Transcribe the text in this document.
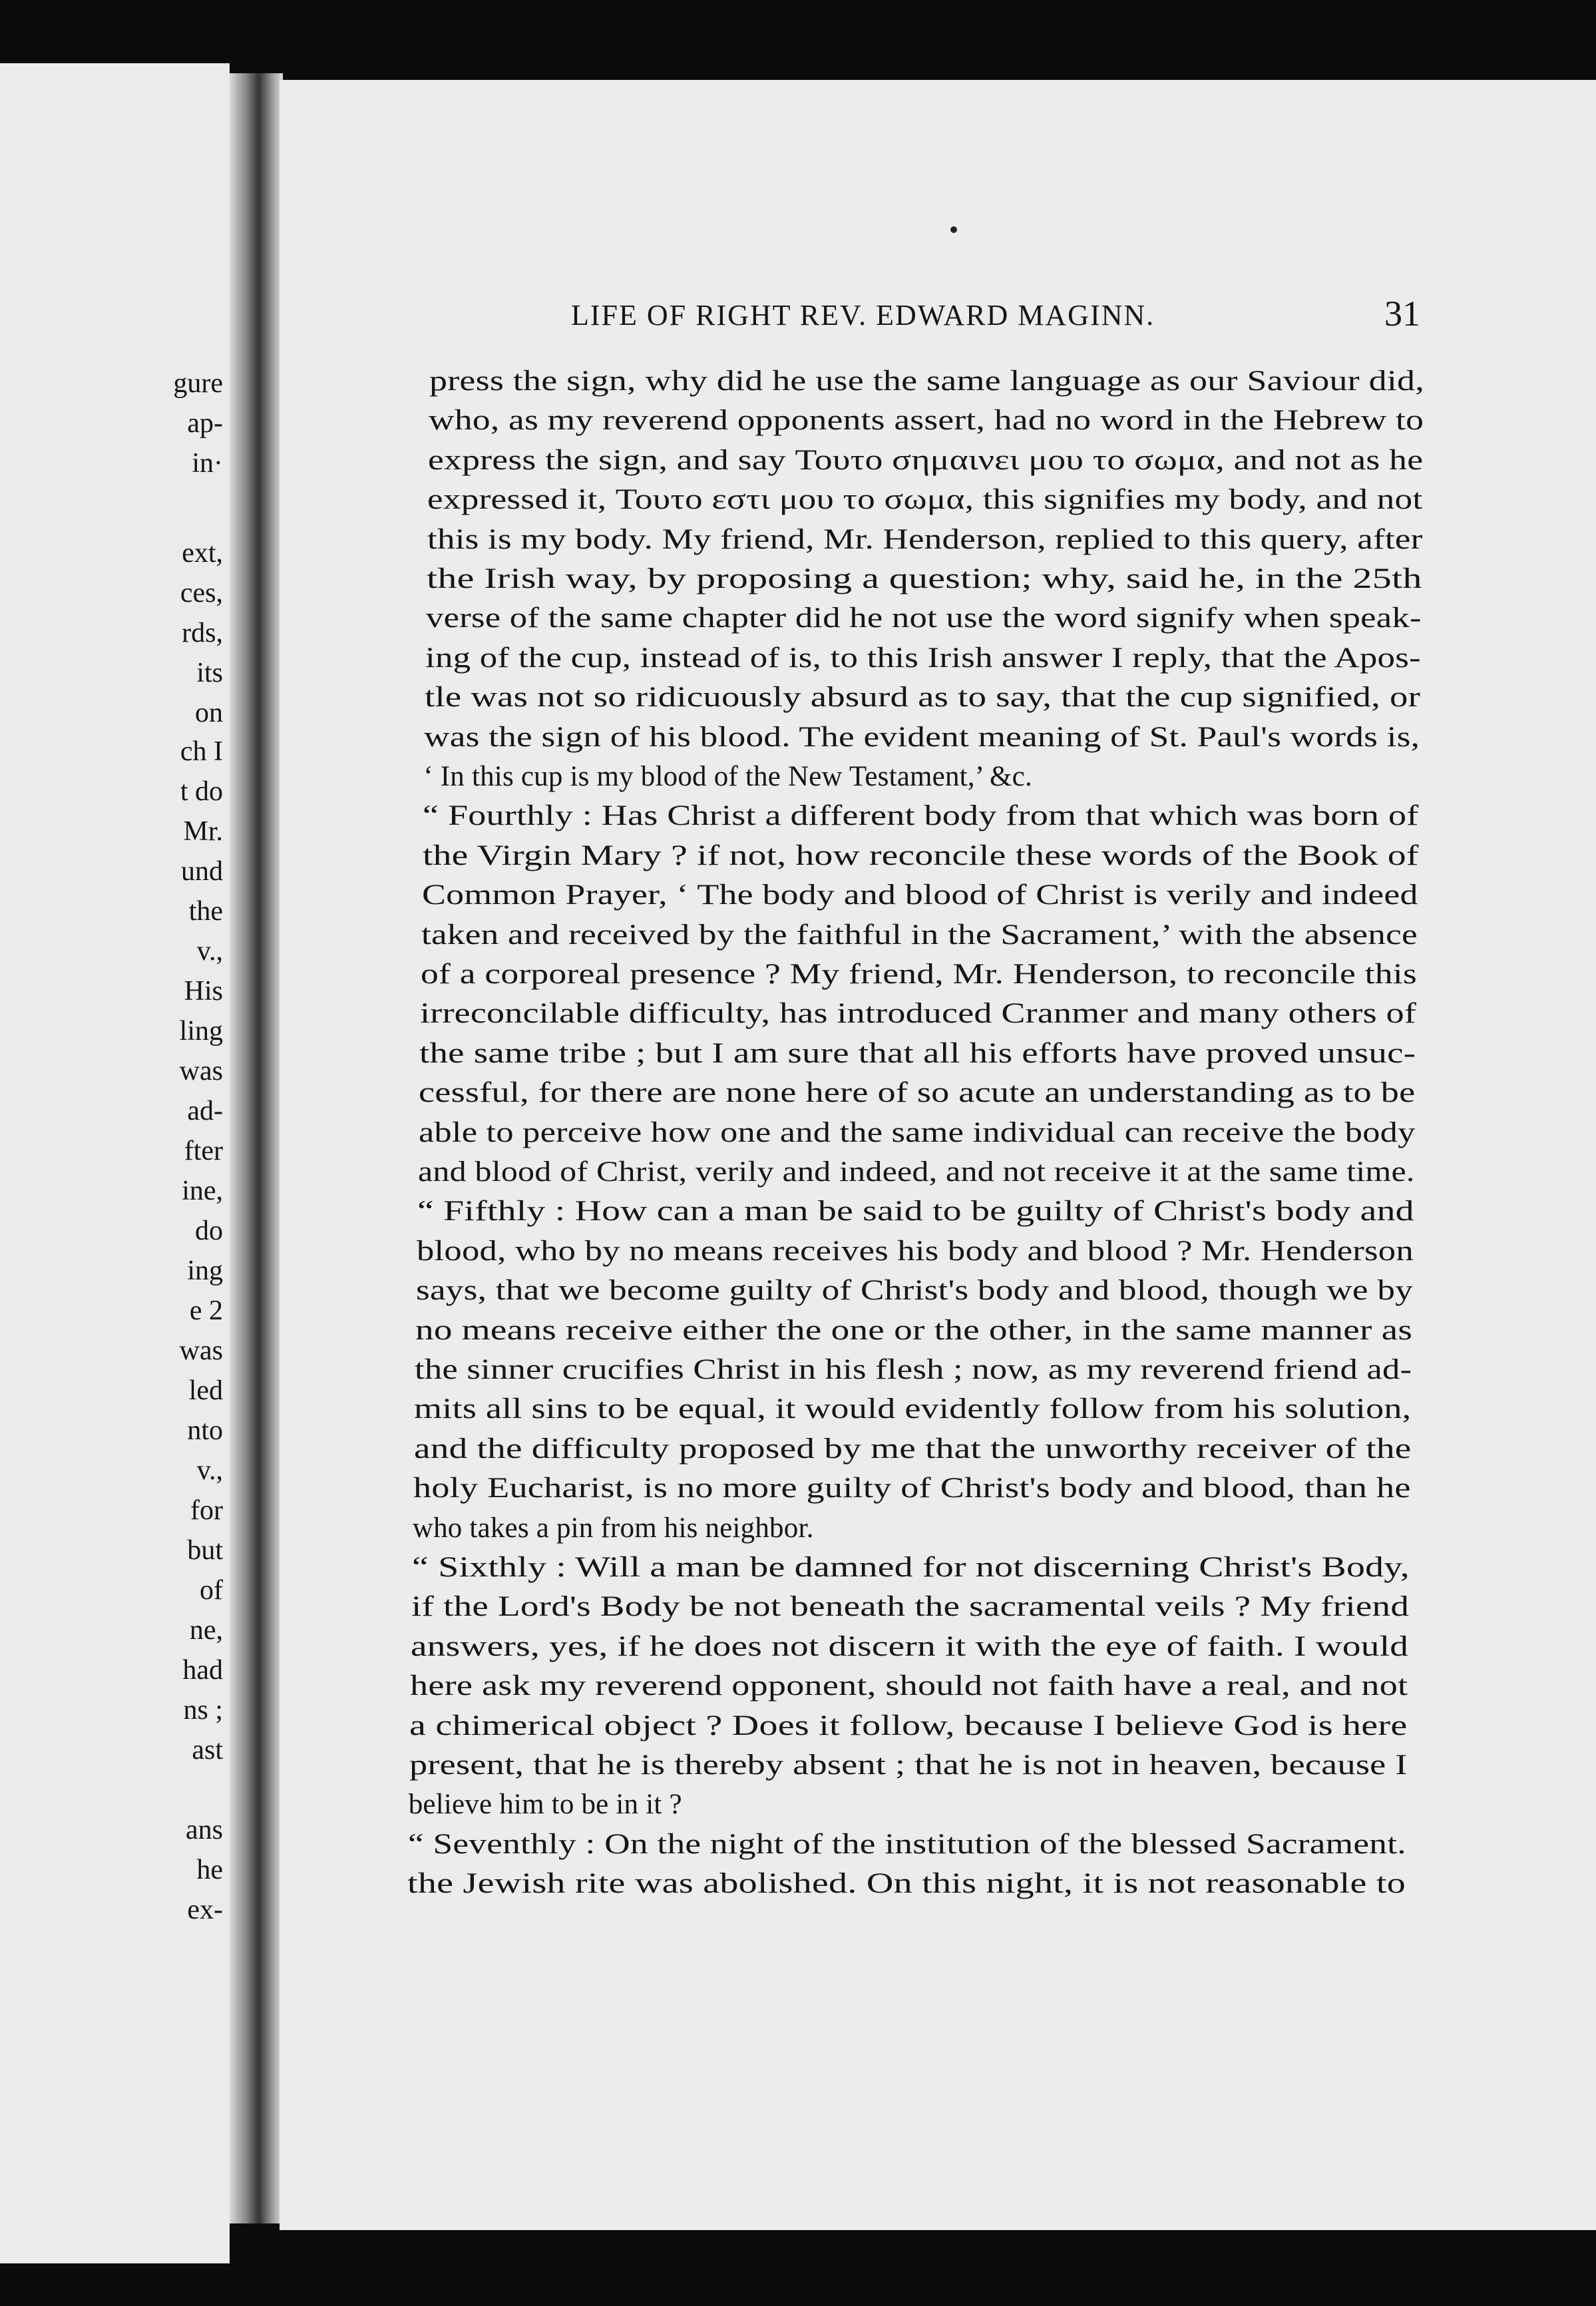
gure
ap-
in·
ext,
ces,
rds,
its
on
ch I
t do
Mr.
und
the
v.,
His
ling
was
ad-
fter
ine,
do
ing
e 2
was
led
nto
v.,
for
but
of
ne,
had
ns ;
ast
ans
he
ex-
LIFE OF RIGHT REV. EDWARD MAGINN.	31
press the sign, why did he use the same language as our Saviour did,
who, as my reverend opponents assert, had no word in the Hebrew to
express the sign, and say Τουτο σημαινει μου το σωμα, and not as he
expressed it, Τουτο εστι μου το σωμα, this signifies my body, and not
this is my body. My friend, Mr. Henderson, replied to this query, after
the Irish way, by proposing a question; why, said he, in the 25th
verse of the same chapter did he not use the word signify when speak-
ing of the cup, instead of is, to this Irish answer I reply, that the Apos-
tle was not so ridicuously absurd as to say, that the cup signified, or
was the sign of his blood. The evident meaning of St. Paul's words is,
‘ In this cup is my blood of the New Testament,’ &c.
“ Fourthly : Has Christ a different body from that which was born of
the Virgin Mary ? if not, how reconcile these words of the Book of
Common Prayer, ‘ The body and blood of Christ is verily and indeed
taken and received by the faithful in the Sacrament,’ with the absence
of a corporeal presence ? My friend, Mr. Henderson, to reconcile this
irreconcilable difficulty, has introduced Cranmer and many others of
the same tribe ; but I am sure that all his efforts have proved unsuc-
cessful, for there are none here of so acute an understanding as to be
able to perceive how one and the same individual can receive the body
and blood of Christ, verily and indeed, and not receive it at the same time.
“ Fifthly : How can a man be said to be guilty of Christ's body and
blood, who by no means receives his body and blood ? Mr. Henderson
says, that we become guilty of Christ's body and blood, though we by
no means receive either the one or the other, in the same manner as
the sinner crucifies Christ in his flesh ; now, as my reverend friend ad-
mits all sins to be equal, it would evidently follow from his solution,
and the difficulty proposed by me that the unworthy receiver of the
holy Eucharist, is no more guilty of Christ's body and blood, than he
who takes a pin from his neighbor.
“ Sixthly : Will a man be damned for not discerning Christ's Body,
if the Lord's Body be not beneath the sacramental veils ? My friend
answers, yes, if he does not discern it with the eye of faith. I would
here ask my reverend opponent, should not faith have a real, and not
a chimerical object ? Does it follow, because I believe God is here
present, that he is thereby absent ; that he is not in heaven, because I
believe him to be in it ?
“ Seventhly : On the night of the institution of the blessed Sacrament.
the Jewish rite was abolished. On this night, it is not reasonable to
